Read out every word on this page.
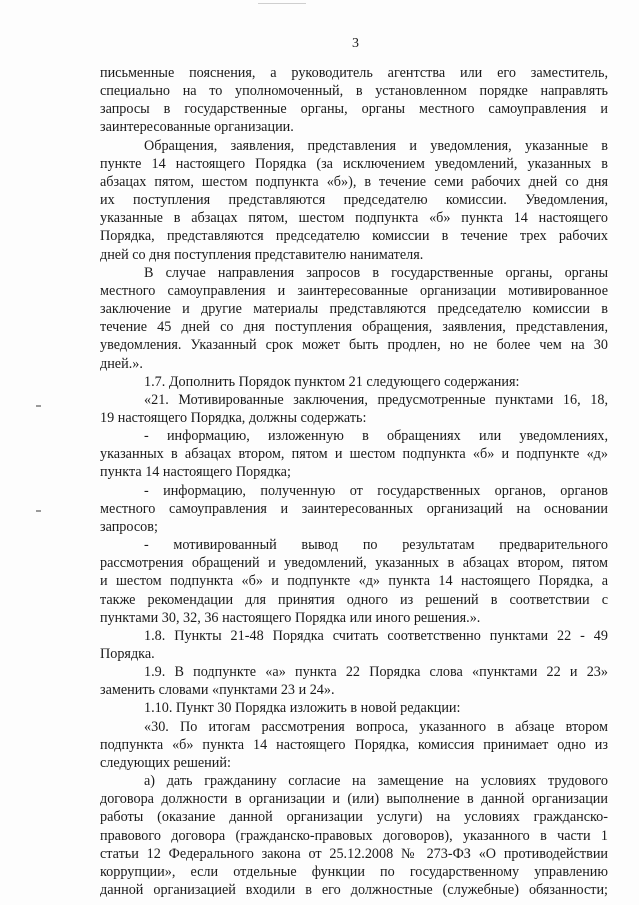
3

письменные пояснения, а руководитель агентства или его заместитель,

специально на то уполномоченный, в установленном порядке направлять

запросы в государственные органы, органы местного самоуправления и

заинтересованные организации.

Обращения, заявления, представления и уведомления, указанные в

пункте 14 настоящего Порядка (за исключением уведомлений, указанных в

абзацах пятом, шестом подпункта «б»), в течение семи рабочих дней со дня

их поступления представляются председателю комиссии. Уведомления,

указанные в абзацах пятом, шестом подпункта «б» пункта 14 настоящего

Порядка, представляются председателю комиссии в течение трех рабочих

дней со дня поступления представителю нанимателя.

В случае направления запросов в государственные органы, органы

местного самоуправления и заинтересованные организации мотивированное

заключение и другие материалы представляются председателю комиссии в

течение 45 дней со дня поступления обращения, заявления, представления,

уведомления. Указанный срок может быть продлен, но не более чем на 30

дней.».

1.7. Дополнить Порядок пунктом 21 следующего содержания:

«21. Мотивированные заключения, предусмотренные пунктами 16, 18,

19 настоящего Порядка, должны содержать:

- информацию, изложенную в обращениях или уведомлениях,

указанных в абзацах втором, пятом и шестом подпункта «б» и подпункте «д»

пункта 14 настоящего Порядка;

- информацию, полученную от государственных органов, органов

местного самоуправления и заинтересованных организаций на основании

запросов;

- мотивированный вывод по результатам предварительного

рассмотрения обращений и уведомлений, указанных в абзацах втором, пятом

и шестом подпункта «б» и подпункте «д» пункта 14 настоящего Порядка, а

также рекомендации для принятия одного из решений в соответствии с

пунктами 30, 32, 36 настоящего Порядка или иного решения.».

1.8. Пункты 21-48 Порядка считать соответственно пунктами 22 - 49

Порядка.

1.9. В подпункте «а» пункта 22 Порядка слова «пунктами 22 и 23»

заменить словами «пунктами 23 и 24».

1.10. Пункт 30 Порядка изложить в новой редакции:

«30. По итогам рассмотрения вопроса, указанного в абзаце втором

подпункта «б» пункта 14 настоящего Порядка, комиссия принимает одно из

следующих решений:

а) дать гражданину согласие на замещение на условиях трудового

договора должности в организации и (или) выполнение в данной организации

работы (оказание данной организации услуги) на условиях гражданско-

правового договора (гражданско-правовых договоров), указанного в части 1

статьи 12 Федерального закона от 25.12.2008 № 273-ФЗ «О противодействии

коррупции», если отдельные функции по государственному управлению

данной организацией входили в его должностные (служебные) обязанности;
